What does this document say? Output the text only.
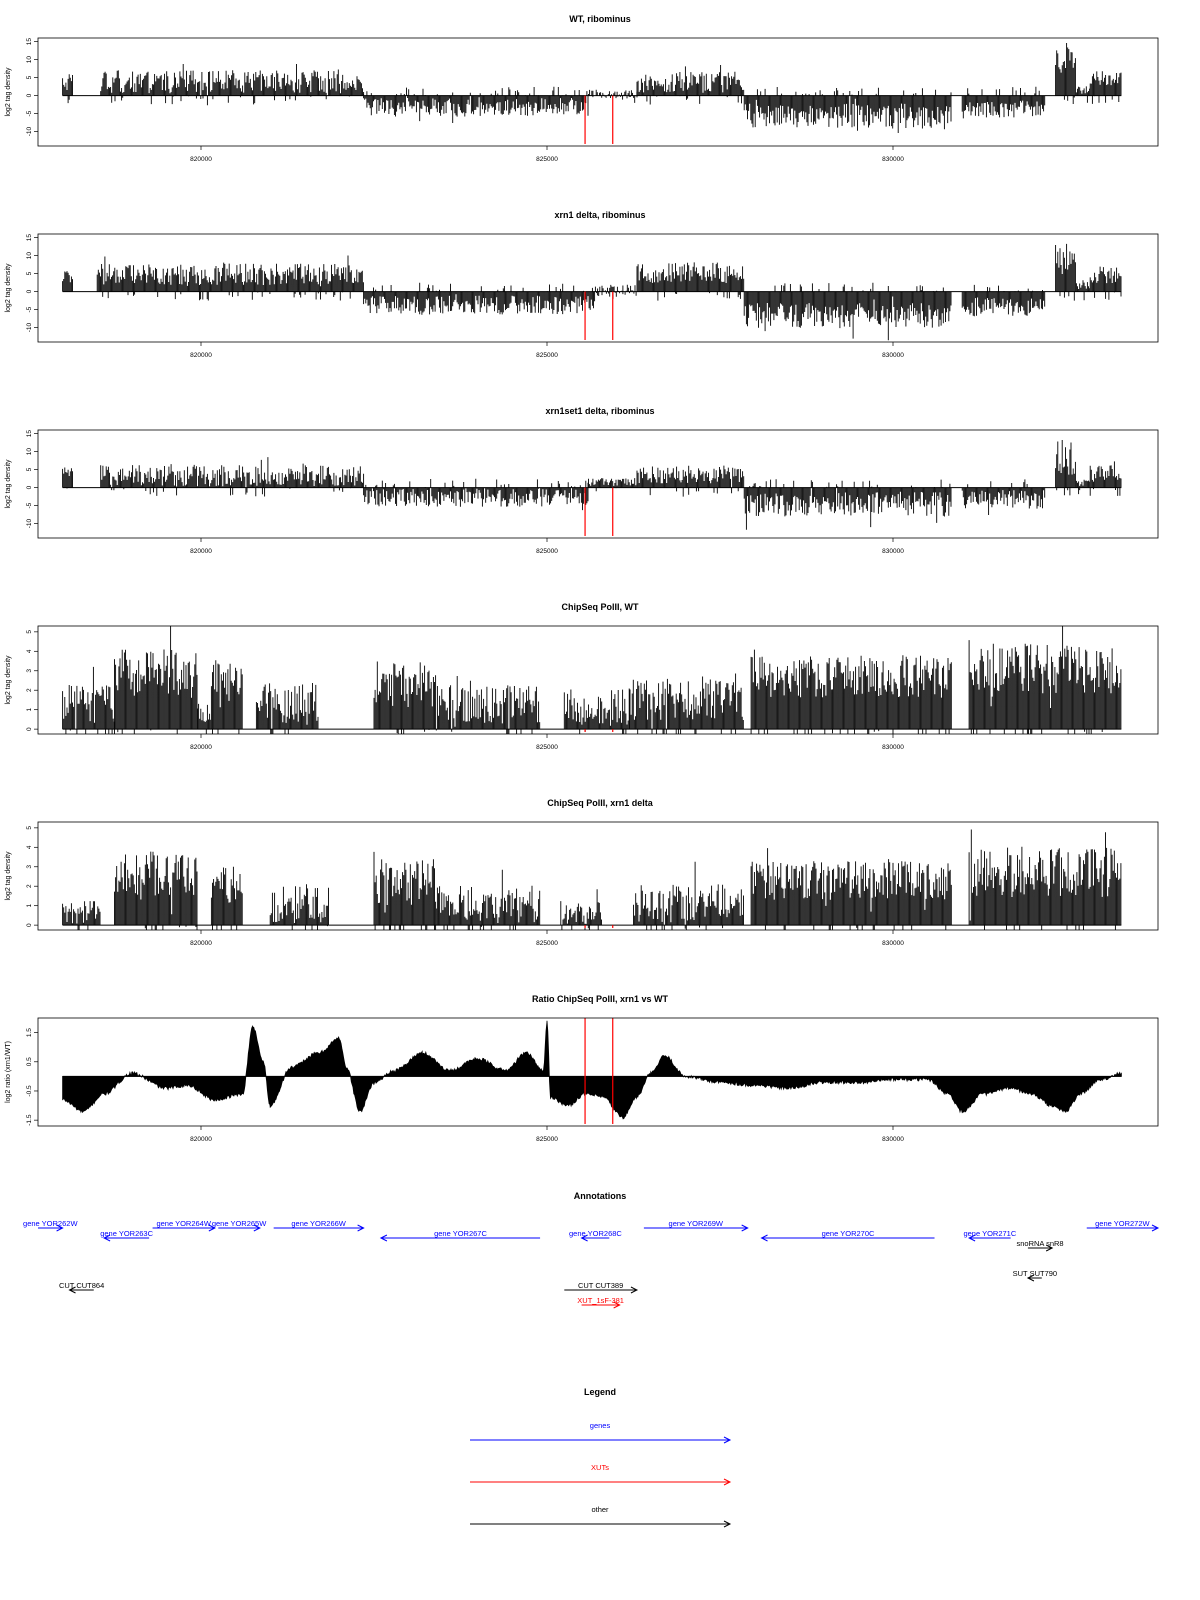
WT, ribominus
log2 tag density
-10
-5
0
5
10
15
820000	825000	830000
xrn1 delta, ribominus
log2 tag density
-10
-5
0
5
10
15
820000	825000	830000
xrn1set1 delta, ribominus
log2 tag density
-10
-5
0
5
10
15
820000	825000	830000
ChipSeq PolII, WT
log2 tag density
0
1
2
3
4
5
820000	825000	830000
ChipSeq PolII, xrn1 delta
log2 tag density
0
1
2
3
4
5
820000	825000	830000
Ratio ChipSeq PolII, xrn1 vs WT
log2 ratio (xrn1/WT)
-1.5
-0.5
0.5
1.5
820000	825000	830000
Annotations
gene YOR262W
gene YOR263C
gene YOR264W gene YOR265W	gene YOR266W
gene YOR267C	gene YOR268C
gene YOR269W
gene YOR270C	gene YOR271C
gene YOR272W
snoRNA snR8
SUT SUT790
CUT CUT389
XUT_1sF-381
CUT CUT864
Legend
genes
XUTs
other
